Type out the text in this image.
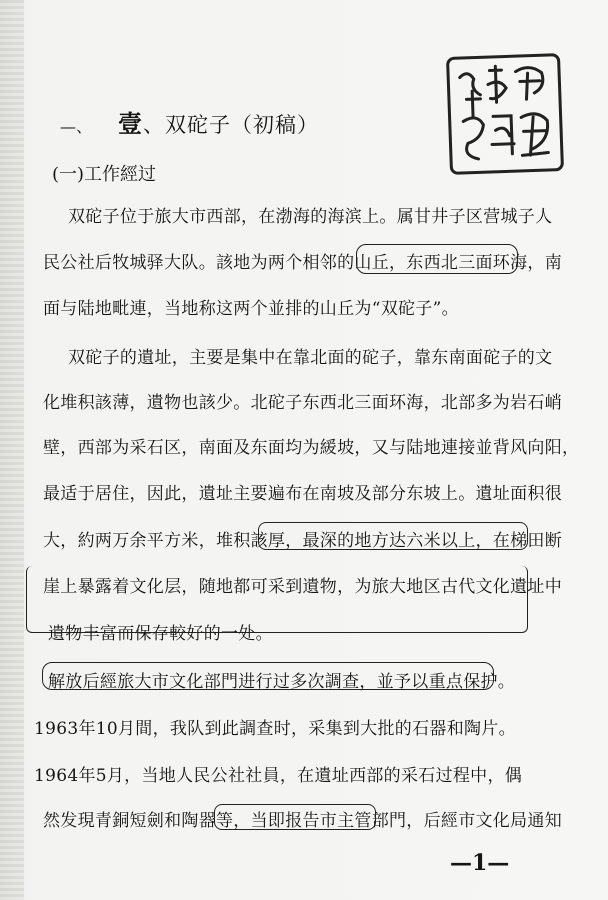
—、 壹、双砣子（初稿）
(一)工作經过
双砣子位于旅大市西部，在渤海的海滨上。属甘井子区营城子人
民公社后牧城驿大队。該地为两个相邻的山丘，东西北三面环海，南
面与陆地毗連，当地称这两个並排的山丘为“双砣子”。
双砣子的遺址，主要是集中在靠北面的砣子，靠东南面砣子的文
化堆积該薄，遺物也該少。北砣子东西北三面环海，北部多为岩石峭
壁，西部为采石区，南面及东面均为緩坡，又与陆地連接並背风向阳，
最适于居住，因此，遺址主要遍布在南坡及部分东坡上。遺址面积很
大，約两万余平方米，堆积該厚，最深的地方达六米以上，在梯田断
崖上暴露着文化层，随地都可采到遺物，为旅大地区古代文化遺址中
遺物丰富而保存較好的一处。
解放后經旅大市文化部門进行过多次調查，並予以重点保护。
1963年10月間，我队到此調查时，采集到大批的石器和陶片。
1964年5月，当地人民公社社員，在遺址西部的采石过程中，偶
然发現青銅短劍和陶器等，当即报告市主管部門，后經市文化局通知
—1—
